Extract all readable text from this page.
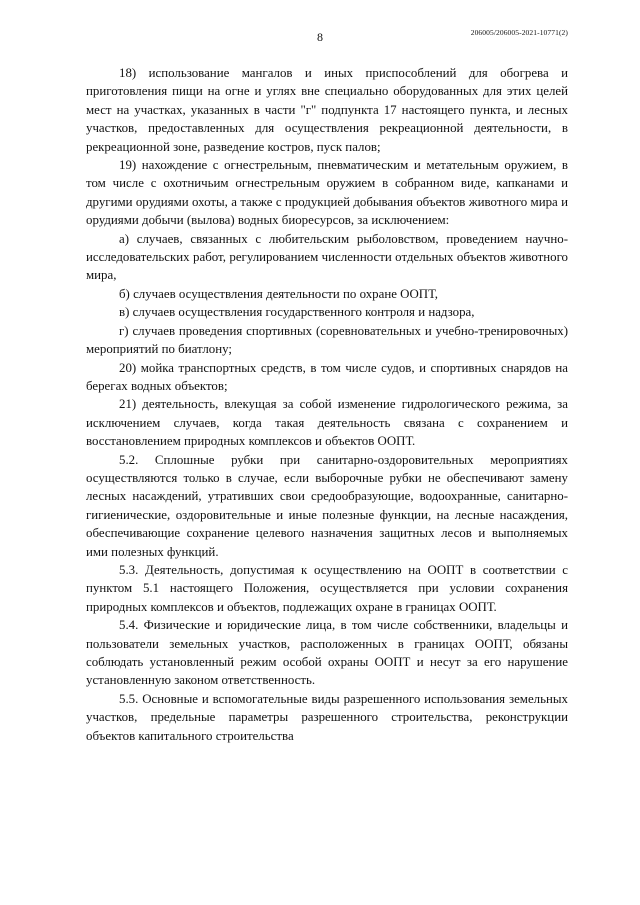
206005/206005-2021-10771(2)
8

18) использование мангалов и иных приспособлений для обогрева и приготовления пищи на огне и углях вне специально оборудованных для этих целей мест на участках, указанных в части "г" подпункта 17 настоящего пункта, и лесных участков, предоставленных для осуществления рекреационной деятельности, в рекреационной зоне, разведение костров, пуск палов;

19) нахождение с огнестрельным, пневматическим и метательным оружием, в том числе с охотничьим огнестрельным оружием в собранном виде, капканами и другими орудиями охоты, а также с продукцией добывания объектов животного мира и орудиями добычи (вылова) водных биоресурсов, за исключением:

а) случаев, связанных с любительским рыболовством, проведением научно-исследовательских работ, регулированием численности отдельных объектов животного мира,

б) случаев осуществления деятельности по охране ООПТ,

в) случаев осуществления государственного контроля и надзора,

г) случаев проведения спортивных (соревновательных и учебно-тренировочных) мероприятий по биатлону;

20) мойка транспортных средств, в том числе судов, и спортивных снарядов на берегах водных объектов;

21) деятельность, влекущая за собой изменение гидрологического режима, за исключением случаев, когда такая деятельность связана с сохранением и восстановлением природных комплексов и объектов ООПТ.

5.2. Сплошные рубки при санитарно-оздоровительных мероприятиях осуществляются только в случае, если выборочные рубки не обеспечивают замену лесных насаждений, утративших свои средообразующие, водоохранные, санитарно-гигиенические, оздоровительные и иные полезные функции, на лесные насаждения, обеспечивающие сохранение целевого назначения защитных лесов и выполняемых ими полезных функций.

5.3. Деятельность, допустимая к осуществлению на ООПТ в соответствии с пунктом 5.1 настоящего Положения, осуществляется при условии сохранения природных комплексов и объектов, подлежащих охране в границах ООПТ.

5.4. Физические и юридические лица, в том числе собственники, владельцы и пользователи земельных участков, расположенных в границах ООПТ, обязаны соблюдать установленный режим особой охраны ООПТ и несут за его нарушение установленную законом ответственность.

5.5. Основные и вспомогательные виды разрешенного использования земельных участков, предельные параметры разрешенного строительства, реконструкции объектов капитального строительства
